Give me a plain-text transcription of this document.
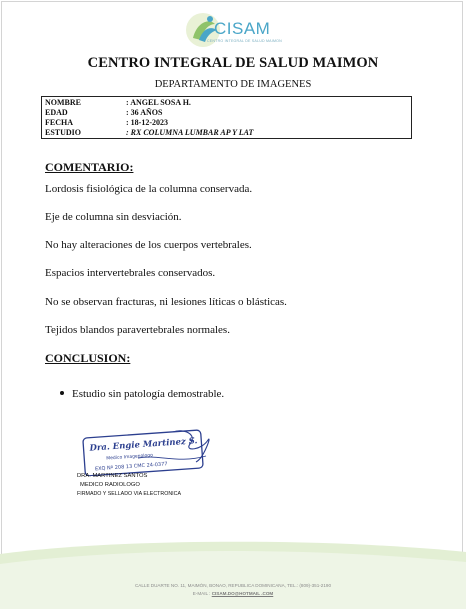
CISAM
CENTRO INTEGRAL DE SALUD MAIMON
CENTRO INTEGRAL DE SALUD MAIMON
DEPARTAMENTO DE IMAGENES
NOMBRE	: ANGEL SOSA H.
EDAD	: 36 AÑOS
FECHA	: 18-12-2023
ESTUDIO	: RX COLUMNA LUMBAR AP Y LAT
COMENTARIO:
Lordosis fisiológica de la columna conservada.
Eje de columna sin desviación.
No hay alteraciones de los cuerpos vertebrales.
Espacios intervertebrales conservados.
No se observan fracturas, ni lesiones líticas o blásticas.
Tejidos blandos paravertebrales normales.
CONCLUSION:
Estudio sin patología demostrable.
Dra. Engie Martinez S.
Medico Imagenologo
EXQ Nº 208 13 CMC 24-0377
DRA. MARTINEZ SANTOS
MEDICO RADIOLOGO
FIRMADO Y SELLADO VIA ELECTRONICA
CALLE DUARTE NO. 11, MAIMÓN, BONAO, REPUBLICA DOMINICANA, TEL.: (809)-351-2190
E-MAIL : CISAM.DO@HOTMAIL .COM
